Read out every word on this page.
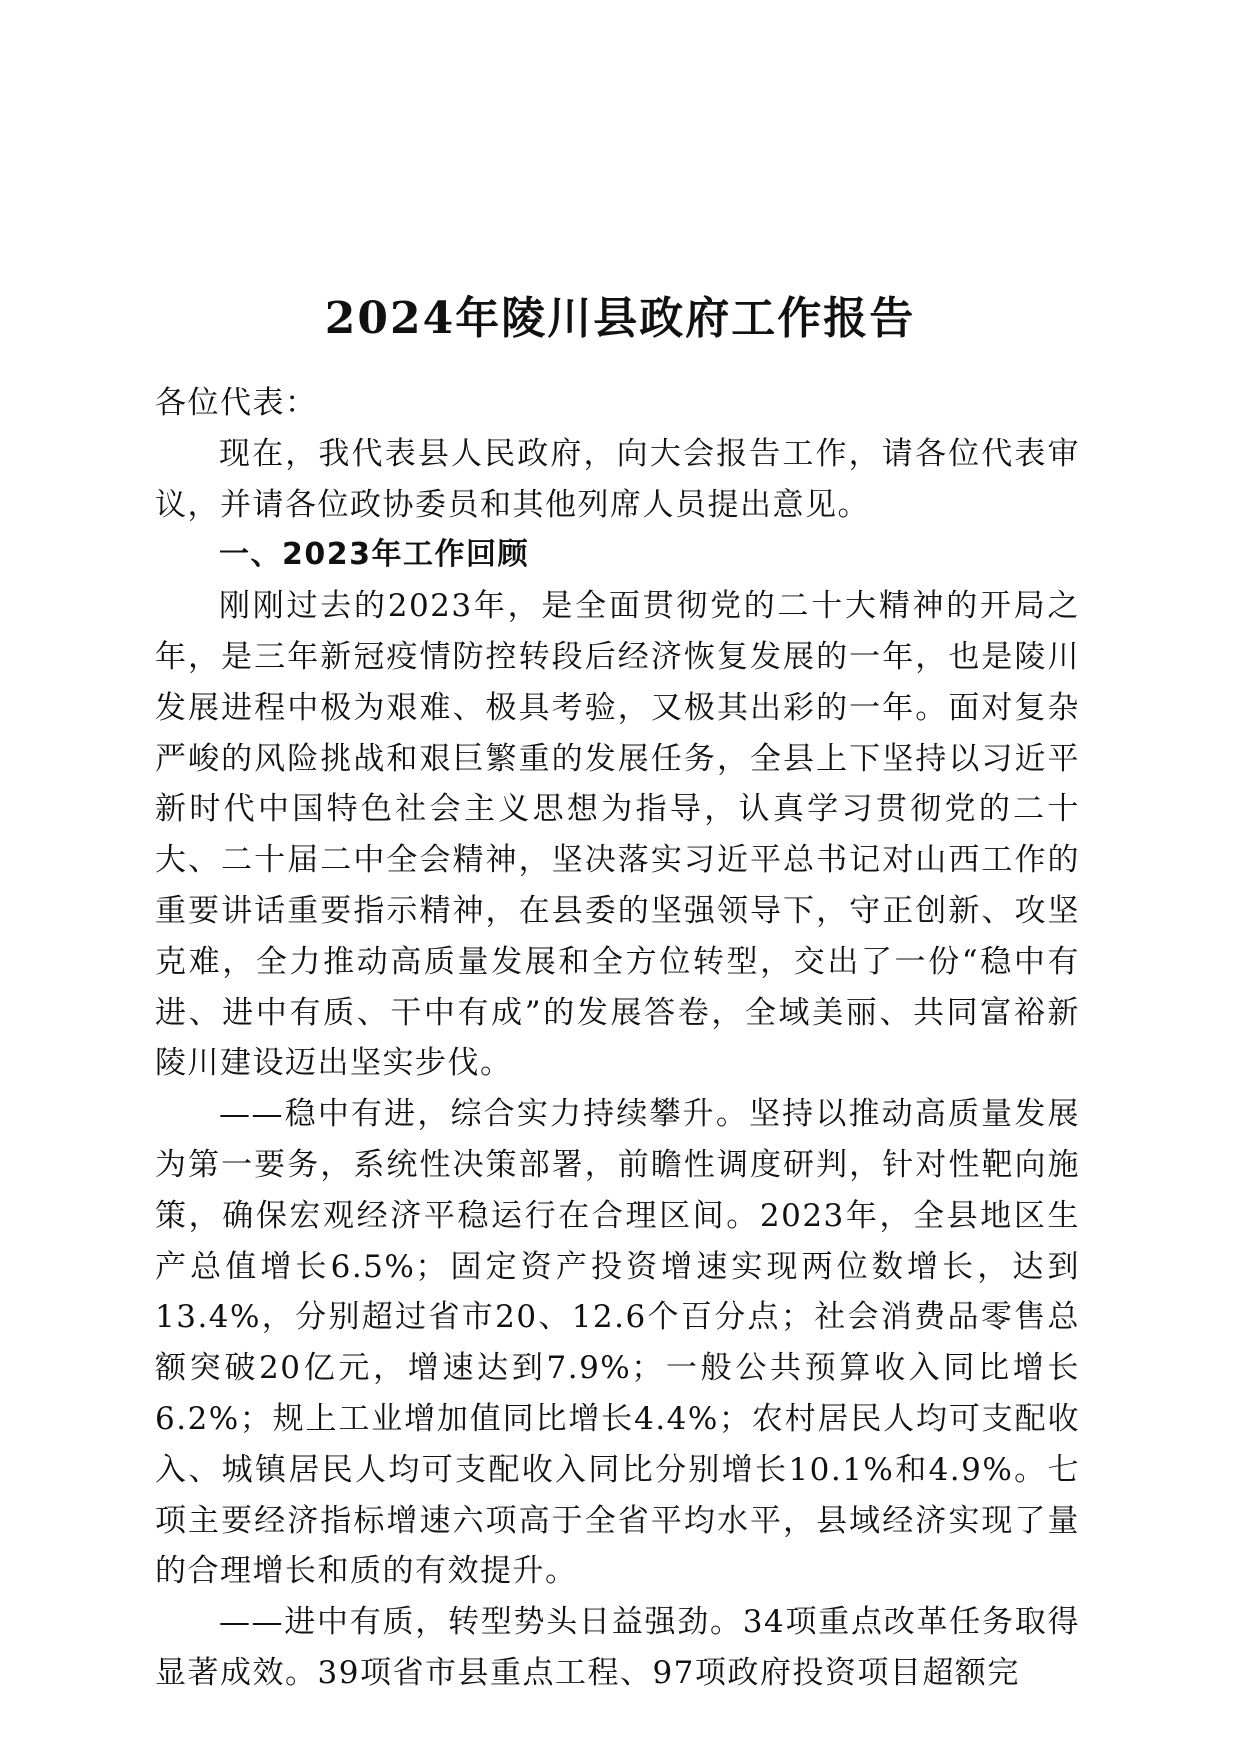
2024年陵川县政府工作报告

各位代表：

现在，我代表县人民政府，向大会报告工作，请各位代表审议，并请各位政协委员和其他列席人员提出意见。

一、2023年工作回顾

刚刚过去的2023年，是全面贯彻党的二十大精神的开局之年，是三年新冠疫情防控转段后经济恢复发展的一年，也是陵川发展进程中极为艰难、极具考验，又极其出彩的一年。面对复杂严峻的风险挑战和艰巨繁重的发展任务，全县上下坚持以习近平新时代中国特色社会主义思想为指导，认真学习贯彻党的二十大、二十届二中全会精神，坚决落实习近平总书记对山西工作的重要讲话重要指示精神，在县委的坚强领导下，守正创新、攻坚克难，全力推动高质量发展和全方位转型，交出了一份“稳中有进、进中有质、干中有成”的发展答卷，全域美丽、共同富裕新陵川建设迈出坚实步伐。

——稳中有进，综合实力持续攀升。坚持以推动高质量发展为第一要务，系统性决策部署，前瞻性调度研判，针对性靶向施策，确保宏观经济平稳运行在合理区间。2023年，全县地区生产总值增长6.5%；固定资产投资增速实现两位数增长，达到13.4%，分别超过省市20、12.6个百分点；社会消费品零售总额突破20亿元，增速达到7.9%；一般公共预算收入同比增长6.2%；规上工业增加值同比增长4.4%；农村居民人均可支配收入、城镇居民人均可支配收入同比分别增长10.1%和4.9%。七项主要经济指标增速六项高于全省平均水平，县域经济实现了量的合理增长和质的有效提升。

——进中有质，转型势头日益强劲。34项重点改革任务取得显著成效。39项省市县重点工程、97项政府投资项目超额完
